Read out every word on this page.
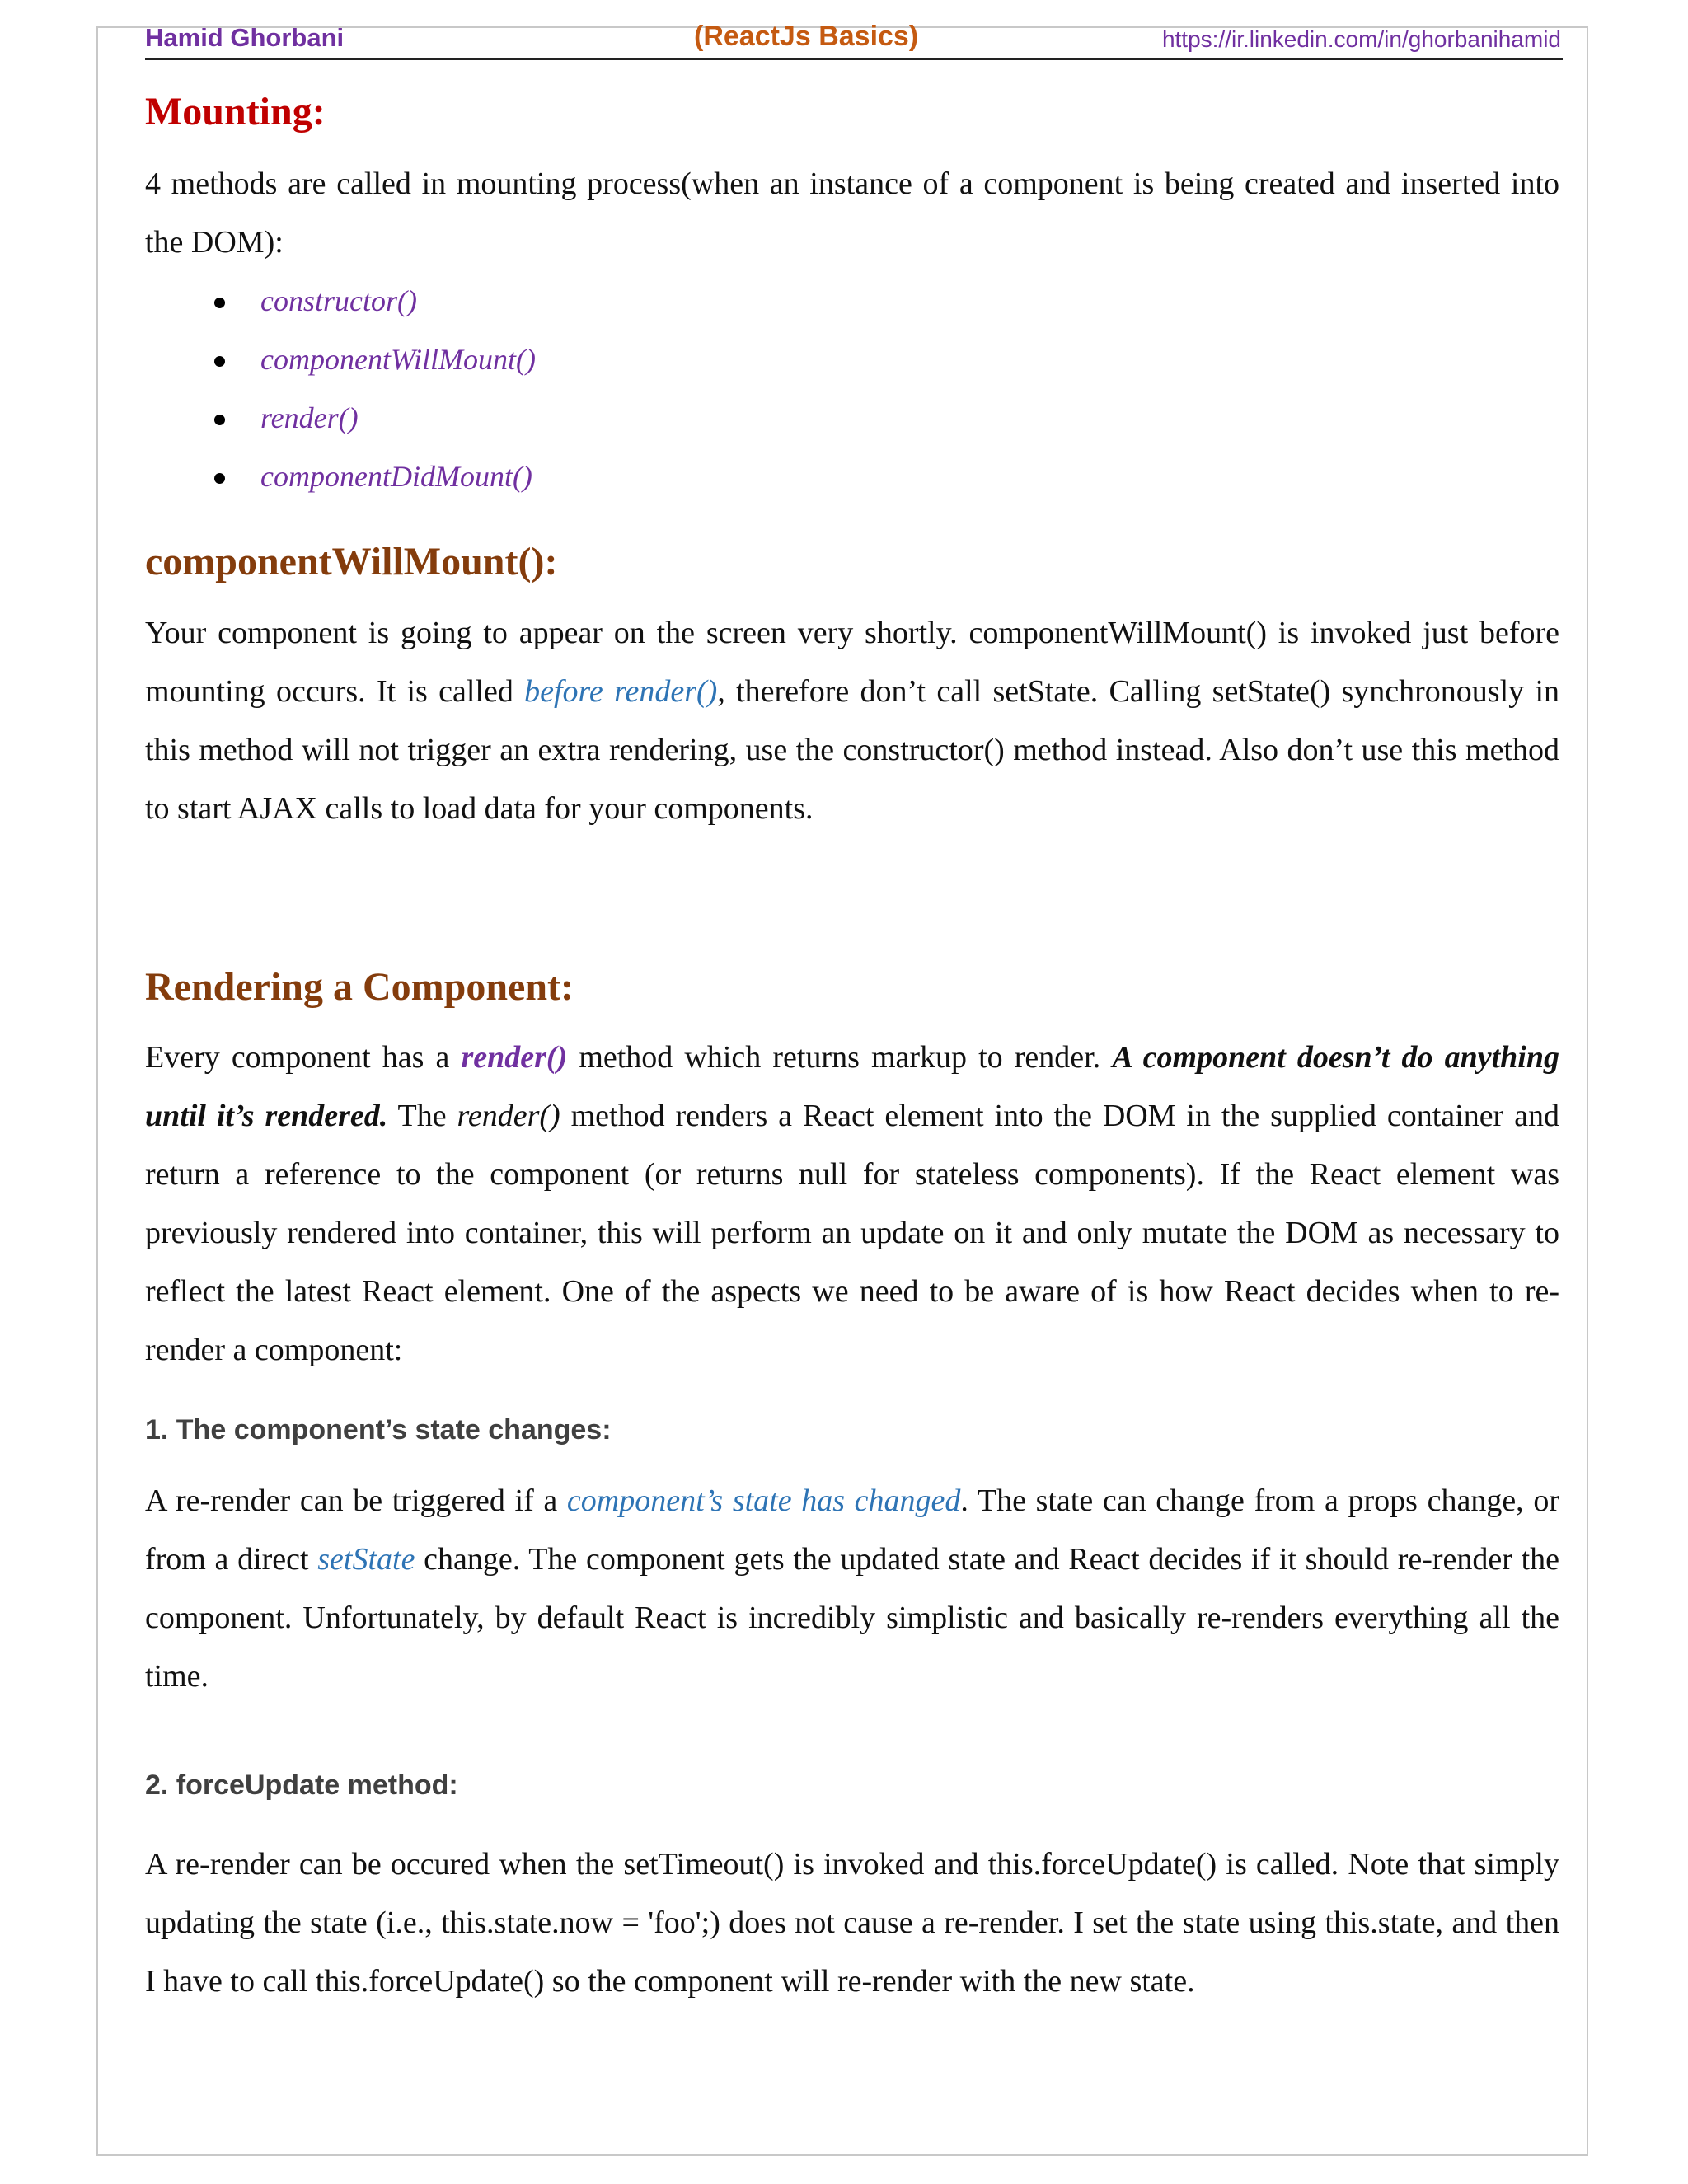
Hamid Ghorbani	(ReactJs Basics)	https://ir.linkedin.com/in/ghorbanihamid
Mounting:

4 methods are called in mounting process(when an instance of a component is being created and inserted into the DOM):

constructor()
componentWillMount()
render()
componentDidMount()
componentWillMount():

Your component is going to appear on the screen very shortly. componentWillMount() is invoked just before mounting occurs. It is called before render(), therefore don’t call setState. Calling setState() synchronously in this method will not trigger an extra rendering, use the constructor() method instead. Also don’t use this method to start AJAX calls to load data for your components.

Rendering a Component:

Every component has a render() method which returns markup to render. A component doesn’t do anything until it’s rendered. The render() method renders a React element into the DOM in the supplied container and return a reference to the component (or returns null for stateless components). If the React element was previously rendered into container, this will perform an update on it and only mutate the DOM as necessary to reflect the latest React element. One of the aspects we need to be aware of is how React decides when to re-render a component:

1. The component’s state changes:

A re-render can be triggered if a component’s state has changed. The state can change from a props change, or from a direct setState change. The component gets the updated state and React decides if it should re-render the component. Unfortunately, by default React is incredibly simplistic and basically re-renders everything all the time.

2. forceUpdate method:

A re-render can be occured when the setTimeout() is invoked and this.forceUpdate() is called. Note that simply updating the state (i.e., this.state.now = 'foo';) does not cause a re-render. I set the state using this.state, and then I have to call this.forceUpdate() so the component will re-render with the new state.
